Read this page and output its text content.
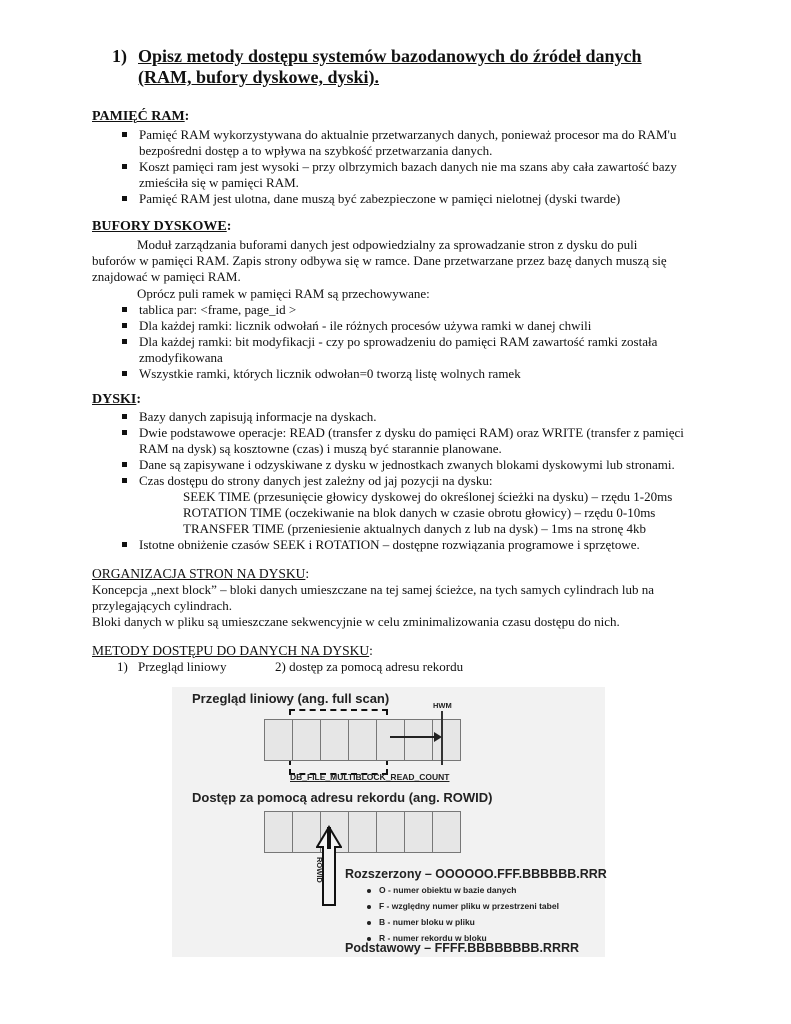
1) Opisz metody dostępu systemów bazodanowych do źródeł danych
(RAM, bufory dyskowe, dyski).
PAMIĘĆ RAM:
Pamięć RAM wykorzystywana do aktualnie przetwarzanych danych, ponieważ procesor ma do RAM'u bezpośredni dostęp a to wpływa na szybkość przetwarzania danych.
Koszt pamięci ram jest wysoki – przy olbrzymich bazach danych nie ma szans aby cała zawartość bazy zmieściła się w pamięci RAM.
Pamięć RAM jest ulotna, dane muszą być zabezpieczone w pamięci nielotnej (dyski twarde)
BUFORY DYSKOWE:
Moduł zarządzania buforami danych jest odpowiedzialny za sprowadzanie stron z dysku do puli
buforów w pamięci RAM. Zapis strony odbywa się w ramce. Dane przetwarzane przez bazę danych muszą się
znajdować w pamięci RAM.
Oprócz puli ramek w pamięci RAM są przechowywane:
tablica par: <frame, page_id >
Dla każdej ramki: licznik odwołań - ile różnych procesów używa ramki w danej chwili
Dla każdej ramki: bit modyfikacji - czy po sprowadzeniu do pamięci RAM zawartość ramki została zmodyfikowana
Wszystkie ramki, których licznik odwołan=0 tworzą listę wolnych ramek
DYSKI:
Bazy danych zapisują informacje na dyskach.
Dwie podstawowe operacje: READ (transfer z dysku do pamięci RAM) oraz WRITE (transfer z pamięci RAM na dysk) są kosztowne (czas) i muszą być starannie planowane.
Dane są zapisywane i odzyskiwane z dysku w jednostkach zwanych blokami dyskowymi lub stronami.
Czas dostępu do strony danych jest zależny od jaj pozycji na dysku:
SEEK TIME (przesunięcie głowicy dyskowej do określonej ścieżki na dysku) – rzędu 1-20ms
ROTATION TIME (oczekiwanie na blok danych w czasie obrotu głowicy) – rzędu 0-10ms
TRANSFER TIME (przeniesienie aktualnych danych z lub na dysk) – 1ms na stronę 4kb
Istotne obniżenie czasów SEEK i ROTATION – dostępne rozwiązania programowe i sprzętowe.
ORGANIZACJA STRON NA DYSKU:
Koncepcja „next block” – bloki danych umieszczane na tej samej ścieżce, na tych samych cylindrach lub na
przylegających cylindrach.
Bloki danych w pliku są umieszczane sekwencyjnie w celu zminimalizowania czasu dostępu do nich.
METODY DOSTĘPU DO DANYCH NA DYSKU:
1) Przegląd liniowy	2) dostęp za pomocą adresu rekordu
Przegląd liniowy (ang. full scan)	HWM
DB_FILE_MULTIBLOCK_READ_COUNT
Dostęp za pomocą adresu rekordu (ang. ROWID)
ROWID Rozszerzony – OOOOOO.FFF.BBBBBB.RRR
O - numer obiektu w bazie danych
F - względny numer pliku w przestrzeni tabel
B - numer bloku w pliku
R - numer rekordu w bloku
Podstawowy – FFFF.BBBBBBBB.RRRR
